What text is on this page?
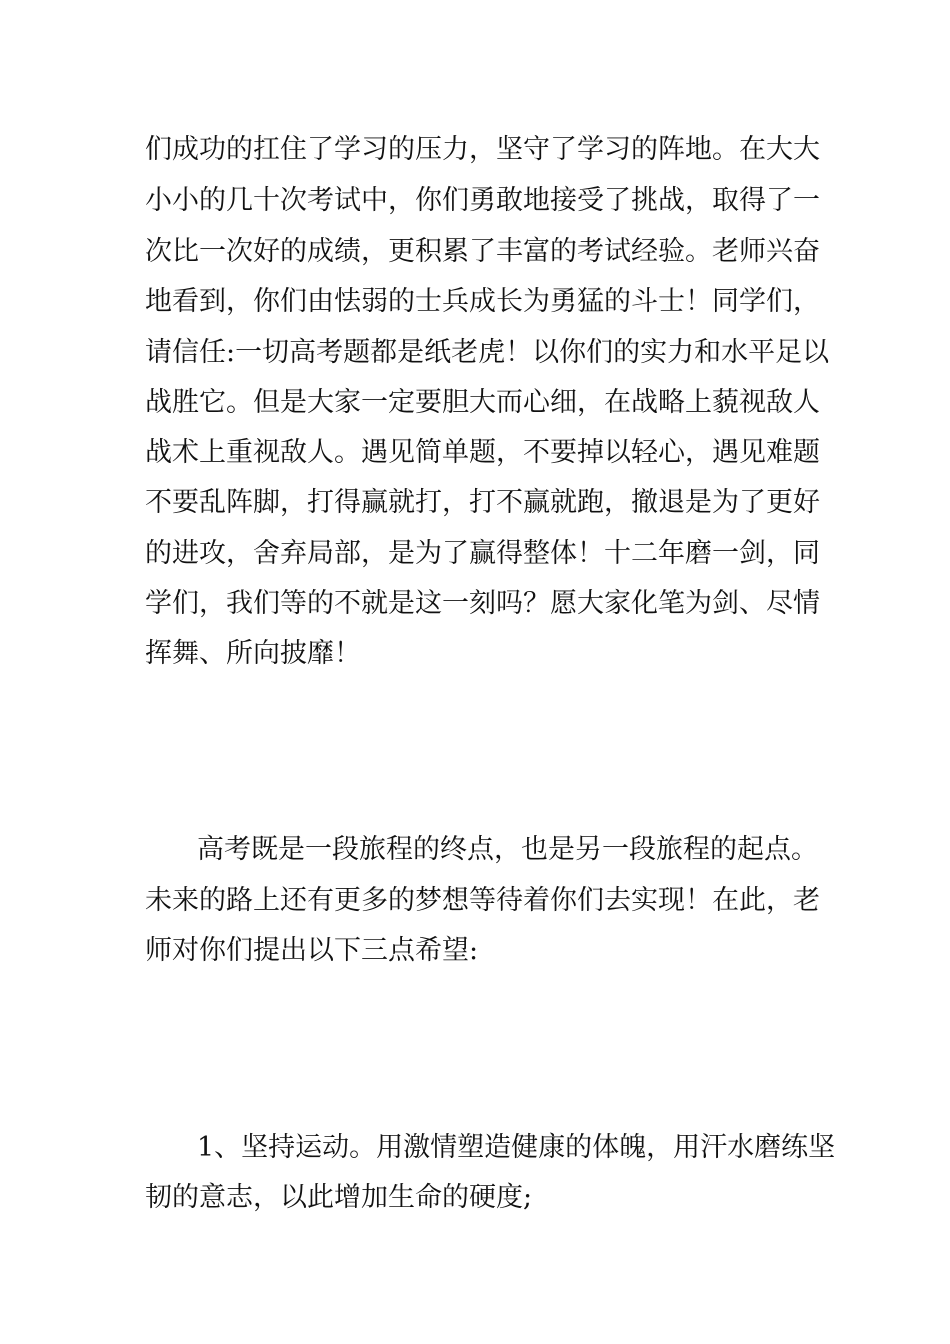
们成功的扛住了学习的压力，坚守了学习的阵地。在大大

小小的几十次考试中，你们勇敢地接受了挑战，取得了一

次比一次好的成绩，更积累了丰富的考试经验。老师兴奋

地看到，你们由怯弱的士兵成长为勇猛的斗士！同学们，

请信任:一切高考题都是纸老虎！以你们的实力和水平足以

战胜它。但是大家一定要胆大而心细，在战略上藐视敌人

战术上重视敌人。遇见简单题，不要掉以轻心，遇见难题

不要乱阵脚，打得赢就打，打不赢就跑，撤退是为了更好

的进攻，舍弃局部，是为了赢得整体！十二年磨一剑，同

学们，我们等的不就是这一刻吗？愿大家化笔为剑、尽情

挥舞、所向披靡！

高考既是一段旅程的终点，也是另一段旅程的起点。

未来的路上还有更多的梦想等待着你们去实现！在此，老

师对你们提出以下三点希望:

1、坚持运动。用激情塑造健康的体魄，用汗水磨练坚

韧的意志，以此增加生命的硬度;
